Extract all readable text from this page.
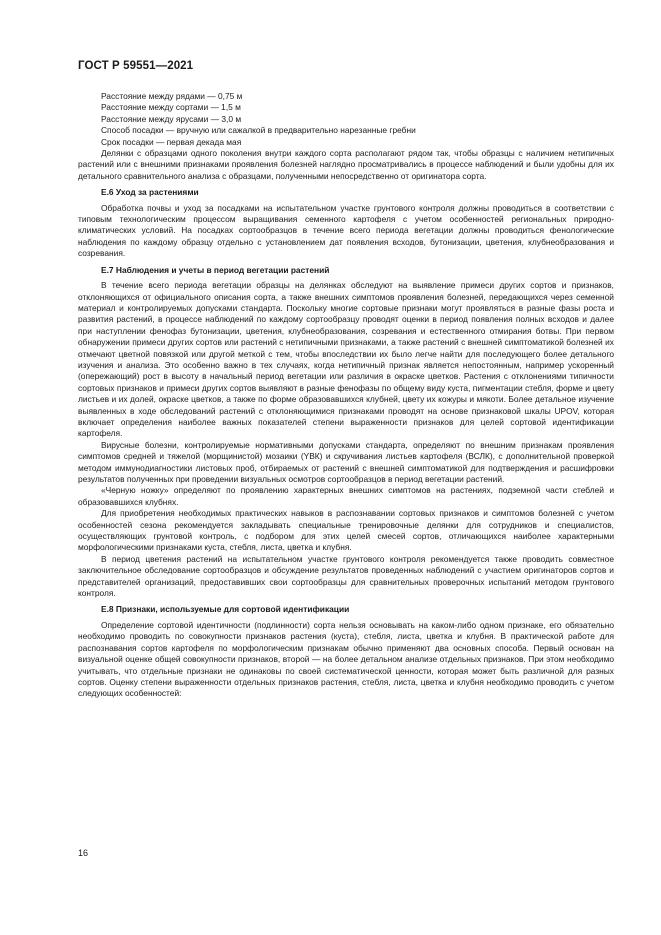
ГОСТ Р 59551—2021

Расстояние между рядами — 0,75 м

Расстояние между сортами — 1,5 м

Расстояние между ярусами — 3,0 м

Способ посадки — вручную или сажалкой в предварительно нарезанные гребни

Срок посадки — первая декада мая

Делянки с образцами одного поколения внутри каждого сорта располагают рядом так, чтобы образцы с наличием нетипичных растений или с внешними признаками проявления болезней наглядно просматривались в процессе наблюдений и были удобны для их детального сравнительного анализа с образцами, полученными непосредственно от оригинатора сорта.

Е.6 Уход за растениями

Обработка почвы и уход за посадками на испытательном участке грунтового контроля должны проводиться в соответствии с типовым технологическим процессом выращивания семенного картофеля с учетом особенностей региональных природно-климатических условий. На посадках сортообразцов в течение всего периода вегетации должны проводиться фенологические наблюдения по каждому образцу отдельно с установлением дат появления всходов, бутонизации, цветения, клубнеобразования и созревания.

Е.7 Наблюдения и учеты в период вегетации растений

В течение всего периода вегетации образцы на делянках обследуют на выявление примеси других сортов и признаков, отклоняющихся от официального описания сорта, а также внешних симптомов проявления болезней, передающихся через семенной материал и контролируемых допусками стандарта. Поскольку многие сортовые признаки могут проявляться в разные фазы роста и развития растений, в процессе наблюдений по каждому сортообразцу проводят оценки в период появления полных всходов и далее при наступлении фенофаз бутонизации, цветения, клубнеобразования, созревания и естественного отмирания ботвы. При первом обнаружении примеси других сортов или растений с нетипичными признаками, а также растений с внешней симптоматикой болезней их отмечают цветной повязкой или другой меткой с тем, чтобы впоследствии их было легче найти для последующего более детального изучения и анализа. Это особенно важно в тех случаях, когда нетипичный признак является непостоянным, например ускоренный (опережающий) рост в высоту в начальный период вегетации или различия в окраске цветков. Растения с отклонениями типичности сортовых признаков и примеси других сортов выявляют в разные фенофазы по общему виду куста, пигментации стебля, форме и цвету листьев и их долей, окраске цветков, а также по форме образовавшихся клубней, цвету их кожуры и мякоти. Более детальное изучение выявленных в ходе обследований растений с отклоняющимися признаками проводят на основе признаковой шкалы UPOV, которая включает определения наиболее важных показателей степени выраженности признаков для целей сортовой идентификации картофеля.

Вирусные болезни, контролируемые нормативными допусками стандарта, определяют по внешним признакам проявления симптомов средней и тяжелой (морщинистой) мозаики (YВК) и скручивания листьев картофеля (ВСЛК), с дополнительной проверкой методом иммунодиагностики листовых проб, отбираемых от растений с внешней симптоматикой для подтверждения и расшифровки результатов полученных при проведении визуальных осмотров сортообразцов в период вегетации растений.

«Черную ножку» определяют по проявлению характерных внешних симптомов на растениях, подземной части стеблей и образовавшихся клубнях.

Для приобретения необходимых практических навыков в распознавании сортовых признаков и симптомов болезней с учетом особенностей сезона рекомендуется закладывать специальные тренировочные делянки для сотрудников и специалистов, осуществляющих грунтовой контроль, с подбором для этих целей смесей сортов, отличающихся наиболее характерными морфологическими признаками куста, стебля, листа, цветка и клубня.

В период цветения растений на испытательном участке грунтового контроля рекомендуется также проводить совместное заключительное обследование сортообразцов и обсуждение результатов проведенных наблюдений с участием оригинаторов сортов и представителей организаций, предоставивших свои сортообразцы для сравнительных проверочных испытаний методом грунтового контроля.

Е.8 Признаки, используемые для сортовой идентификации

Определение сортовой идентичности (подлинности) сорта нельзя основывать на каком-либо одном признаке, его обязательно необходимо проводить по совокупности признаков растения (куста), стебля, листа, цветка и клубня. В практической работе для распознавания сортов картофеля по морфологическим признакам обычно применяют два основных способа. Первый основан на визуальной оценке общей совокупности признаков, второй — на более детальном анализе отдельных признаков. При этом необходимо учитывать, что отдельные признаки не одинаковы по своей систематической ценности, которая может быть различной для разных сортов. Оценку степени выраженности отдельных признаков растения, стебля, листа, цветка и клубня необходимо проводить с учетом следующих особенностей:

16
